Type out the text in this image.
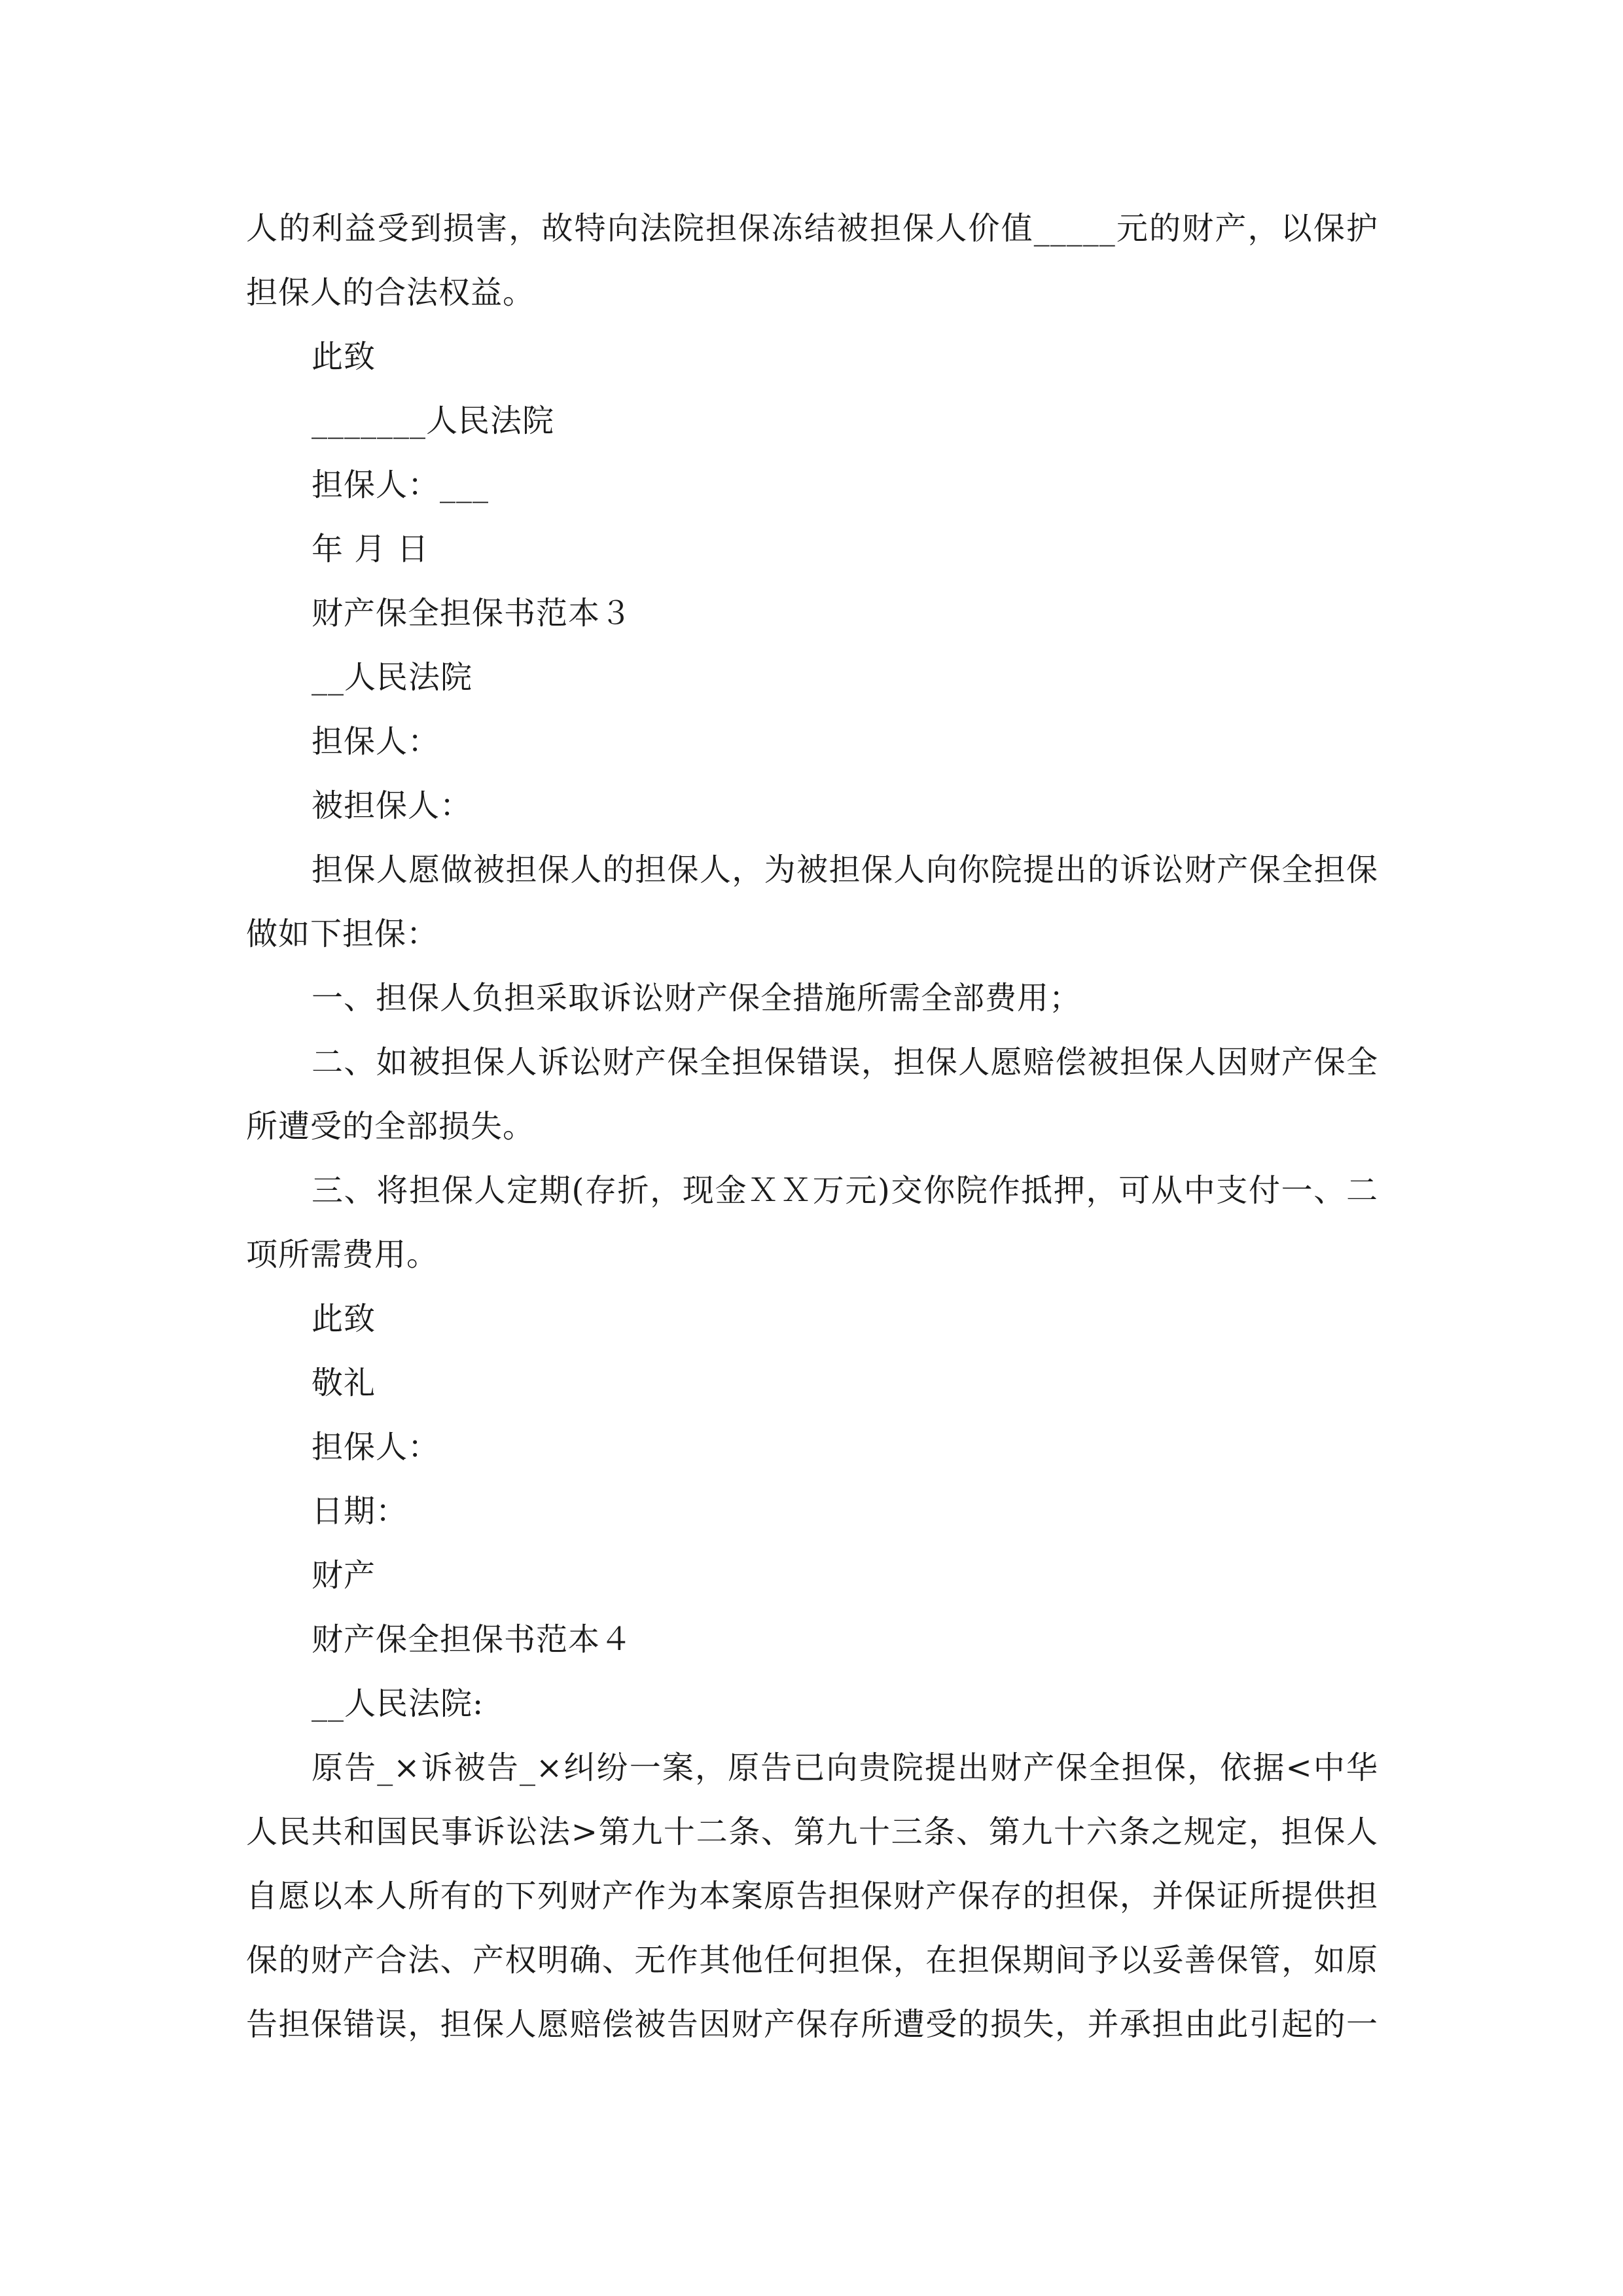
人的利益受到损害，故特向法院担保冻结被担保人价值_____元的财产，以保护
担保人的合法权益。
此致
_______人民法院
担保人：___
年 月 日
财产保全担保书范本３
__人民法院
担保人：
被担保人：
担保人愿做被担保人的担保人，为被担保人向你院提出的诉讼财产保全担保
做如下担保：
一、担保人负担采取诉讼财产保全措施所需全部费用；
二、如被担保人诉讼财产保全担保错误，担保人愿赔偿被担保人因财产保全
所遭受的全部损失。
三、将担保人定期(存折，现金ＸＸ万元)交你院作抵押，可从中支付一、二
项所需费用。
此致
敬礼
担保人：
日期：
财产
财产保全担保书范本４
__人民法院:
原告_×诉被告_×纠纷一案，原告已向贵院提出财产保全担保，依据<中华
人民共和国民事诉讼法>第九十二条、第九十三条、第九十六条之规定，担保人
自愿以本人所有的下列财产作为本案原告担保财产保存的担保，并保证所提供担
保的财产合法、产权明确、无作其他任何担保，在担保期间予以妥善保管，如原
告担保错误，担保人愿赔偿被告因财产保存所遭受的损失，并承担由此引起的一
